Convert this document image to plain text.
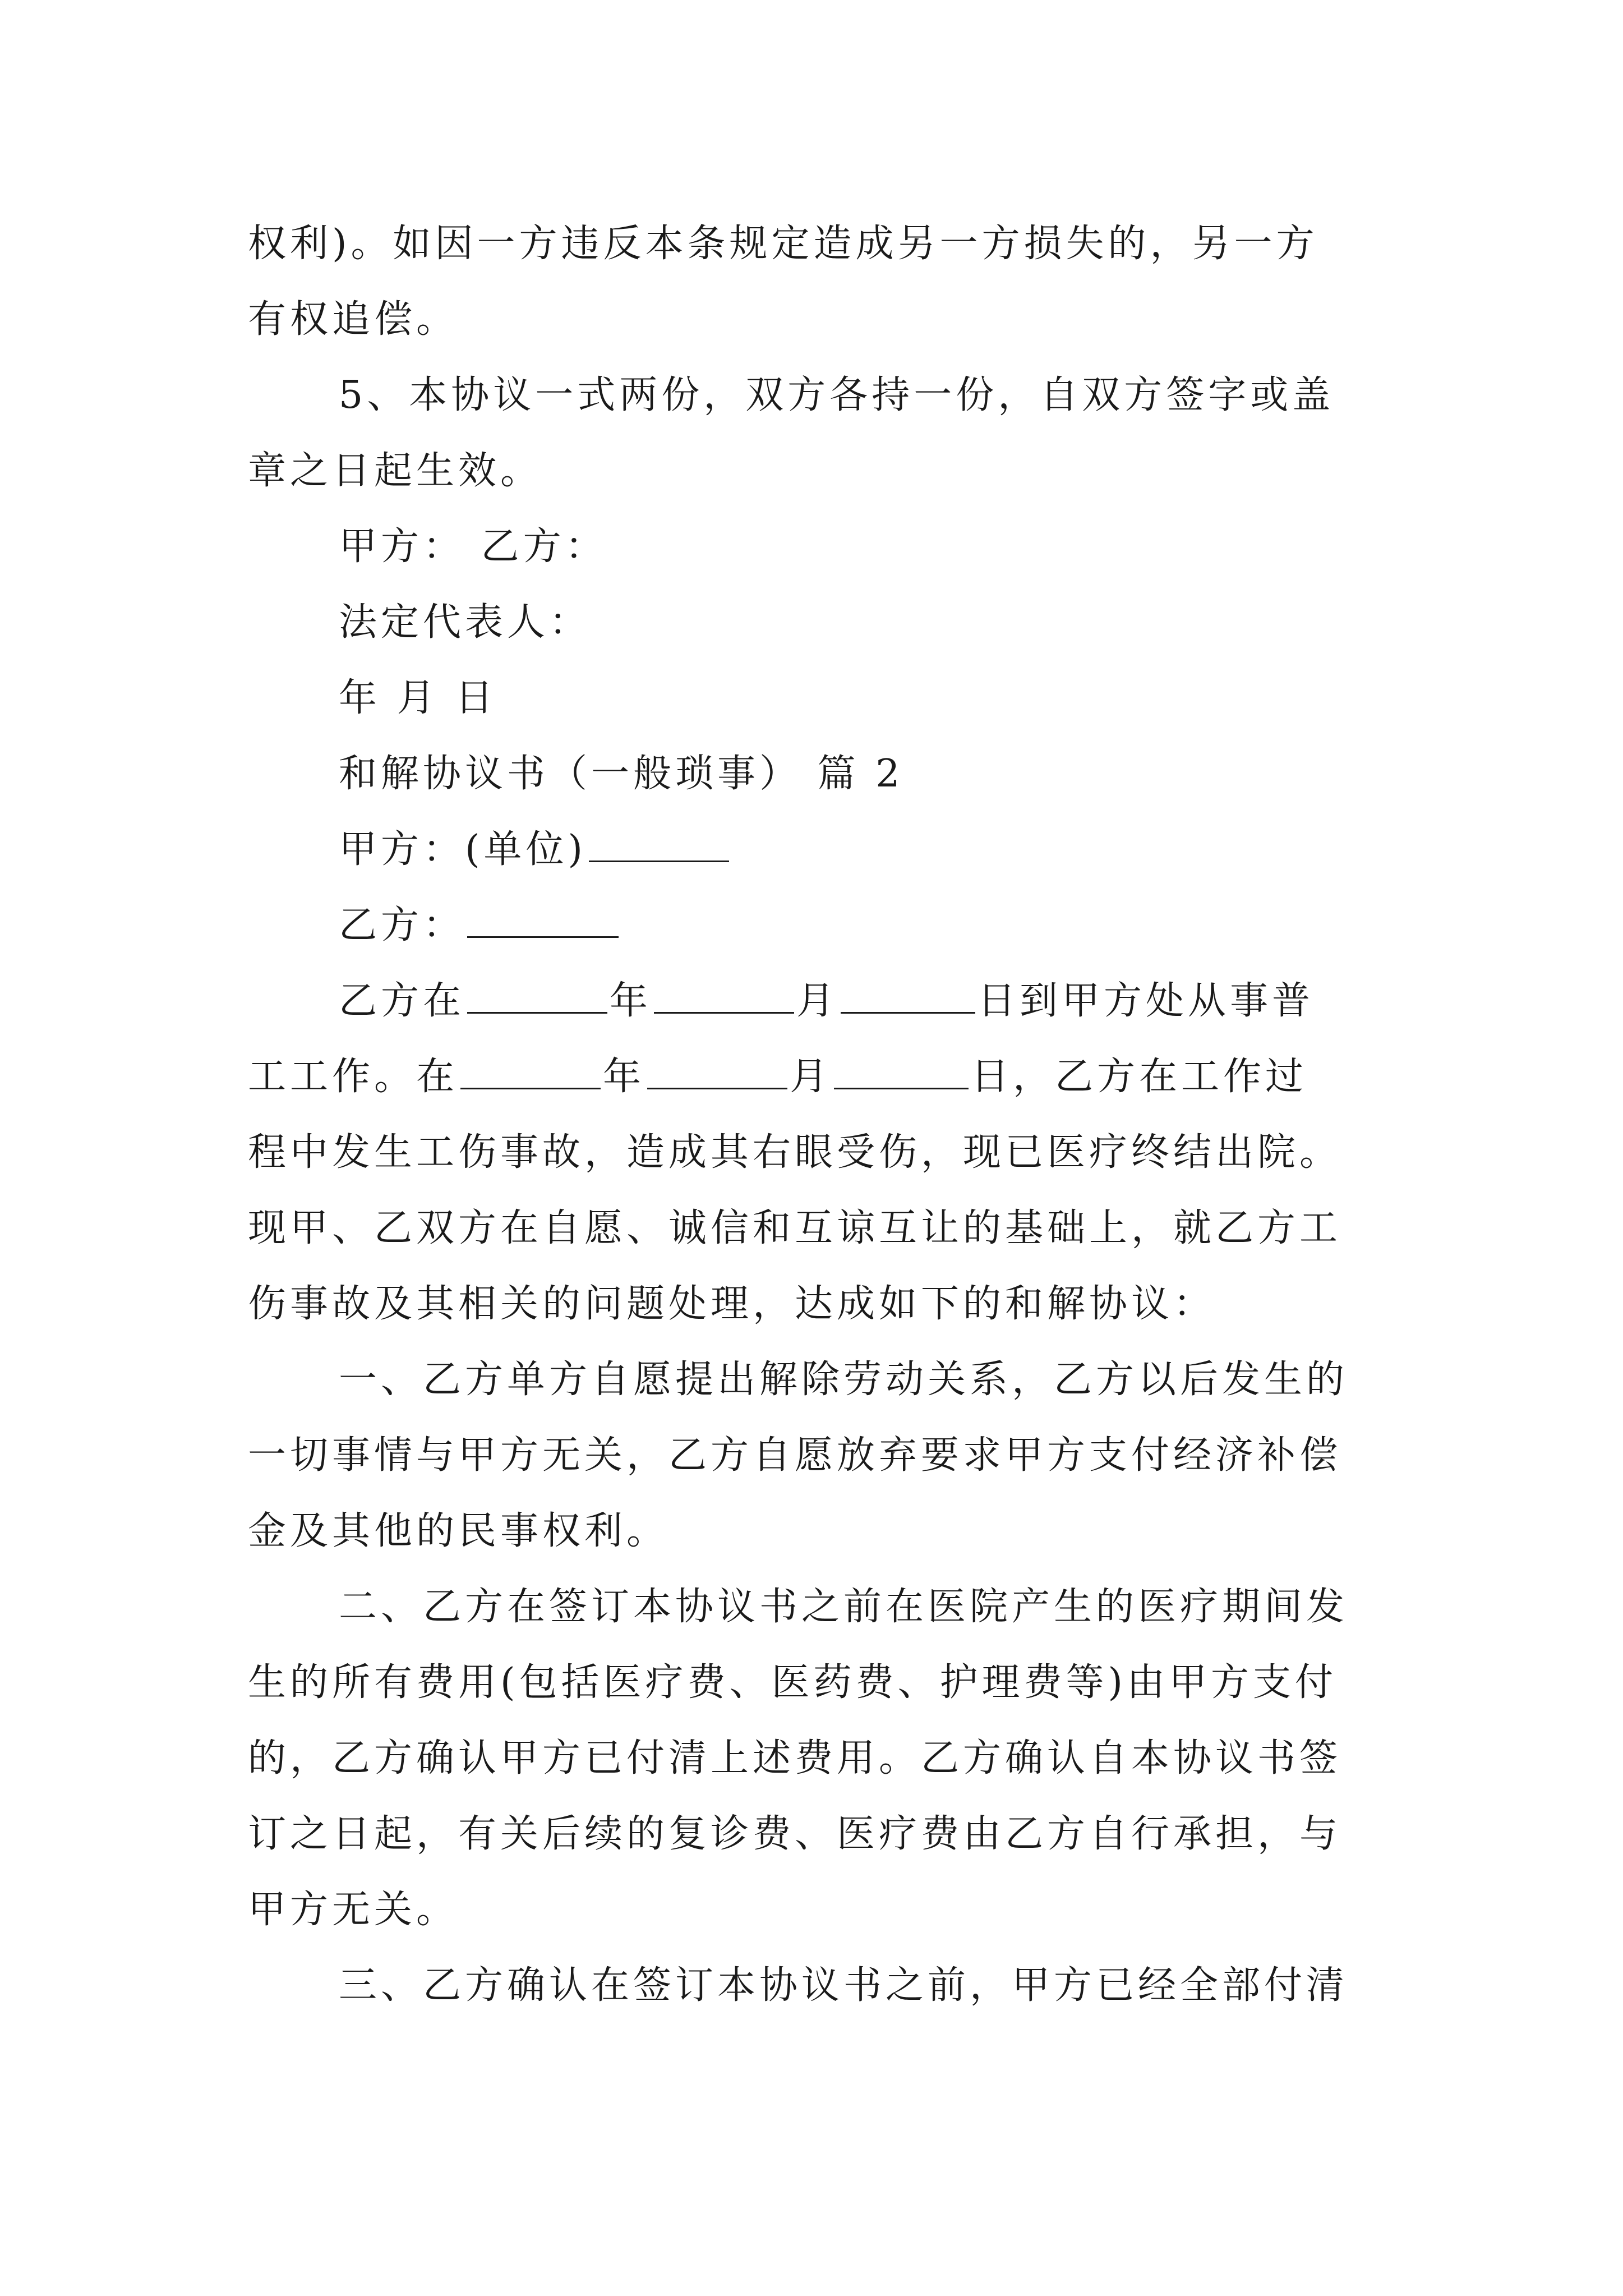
权利)。如因一方违反本条规定造成另一方损失的，另一方
有权追偿。
5、本协议一式两份，双方各持一份，自双方签字或盖
章之日起生效。
甲方： 乙方：
法定代表人：
年 月 日
和解协议书（一般琐事） 篇 2
甲方：(单位)
乙方：
乙方在	年	月	日到甲方处从事普
工工作。在	年	月	日，乙方在工作过
程中发生工伤事故，造成其右眼受伤，现已医疗终结出院。
现甲、乙双方在自愿、诚信和互谅互让的基础上，就乙方工
伤事故及其相关的问题处理，达成如下的和解协议：
一、乙方单方自愿提出解除劳动关系，乙方以后发生的
一切事情与甲方无关，乙方自愿放弃要求甲方支付经济补偿
金及其他的民事权利。
二、乙方在签订本协议书之前在医院产生的医疗期间发
生的所有费用(包括医疗费、医药费、护理费等)由甲方支付
的，乙方确认甲方已付清上述费用。乙方确认自本协议书签
订之日起，有关后续的复诊费、医疗费由乙方自行承担，与
甲方无关。
三、乙方确认在签订本协议书之前，甲方已经全部付清
